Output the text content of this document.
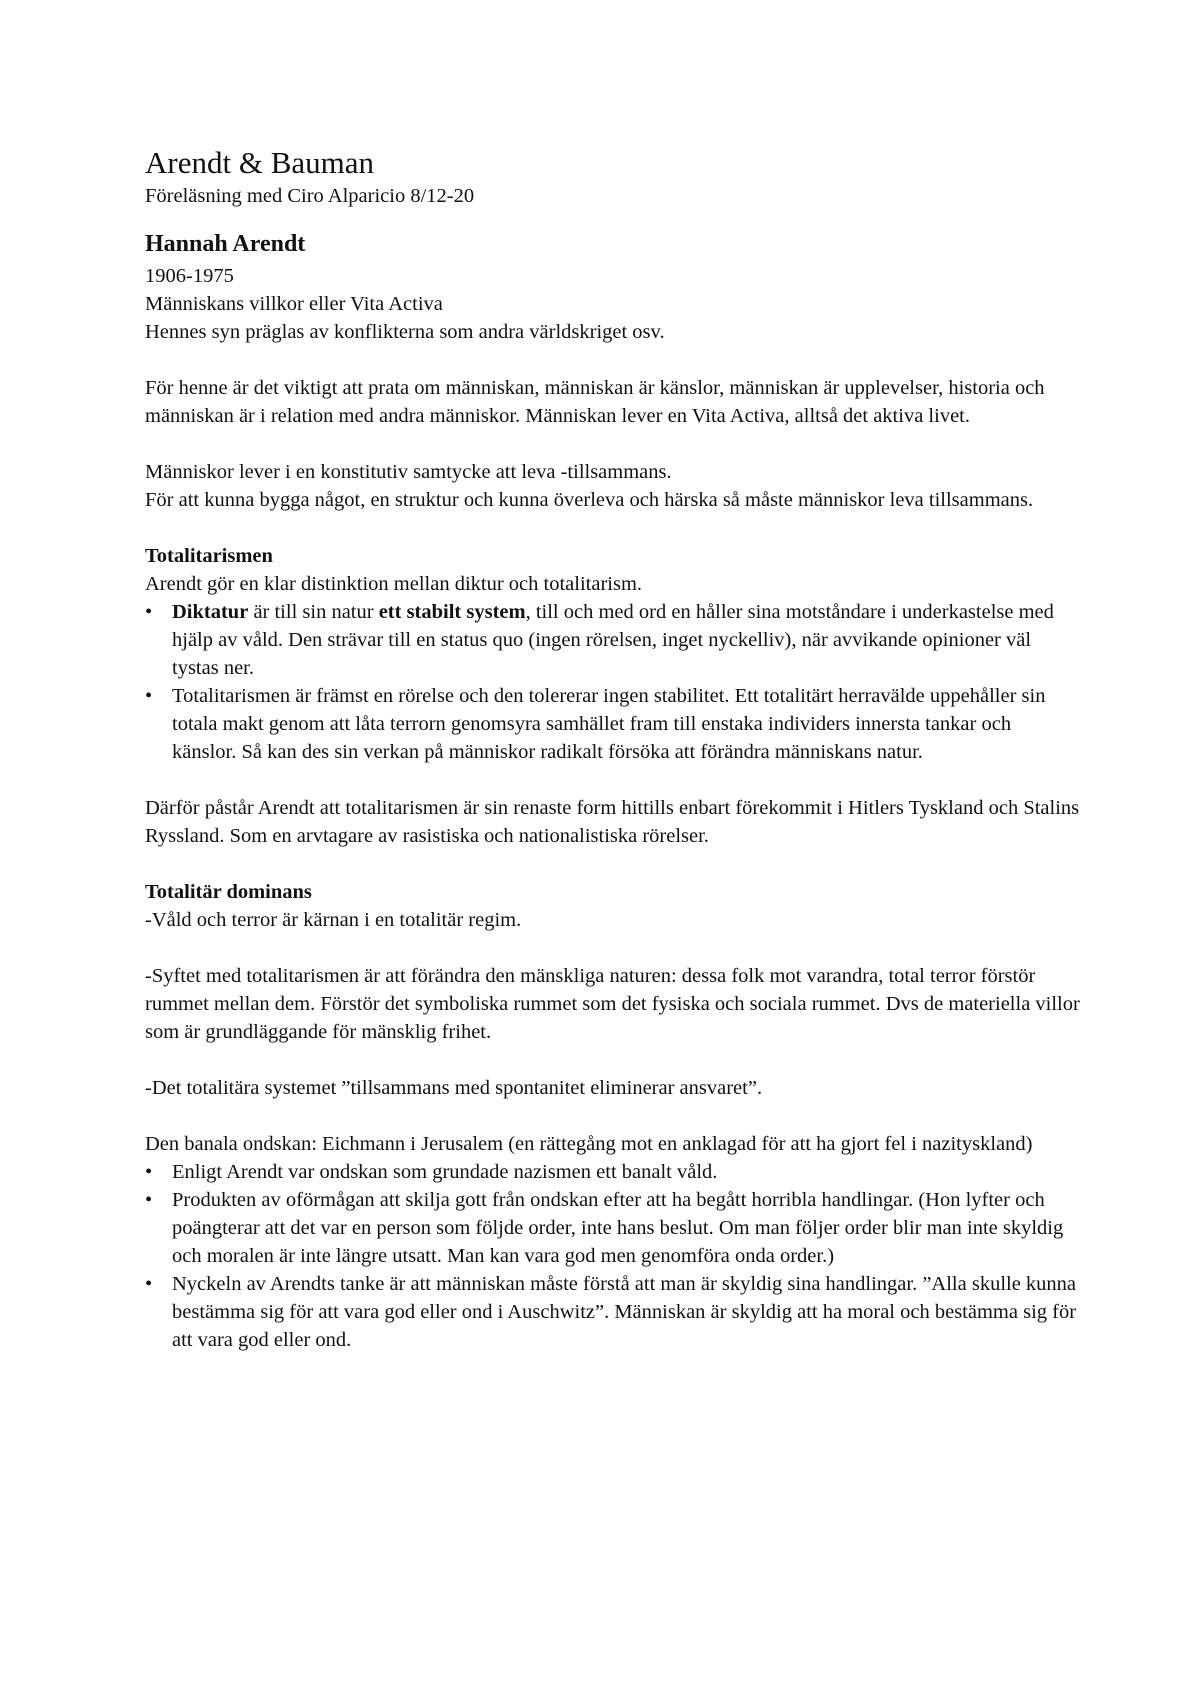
Arendt & Bauman

Föreläsning med Ciro Alparicio 8/12-20

Hannah Arendt

1906-1975

Människans villkor eller Vita Activa

Hennes syn präglas av konflikterna som andra världskriget osv.

För henne är det viktigt att prata om människan, människan är känslor, människan är upplevelser, historia och människan är i relation med andra människor. Människan lever en Vita Activa, alltså det aktiva livet.

Människor lever i en konstitutiv samtycke att leva -tillsammans.

För att kunna bygga något, en struktur och kunna överleva och härska så måste människor leva tillsammans.

Totalitarismen

Arendt gör en klar distinktion mellan diktur och totalitarism.

• Diktatur är till sin natur ett stabilt system, till och med ord en håller sina motståndare i underkastelse med hjälp av våld. Den strävar till en status quo (ingen rörelsen, inget nyckelliv), när avvikande opinioner väl tystas ner.
• Totalitarismen är främst en rörelse och den tolererar ingen stabilitet. Ett totalitärt herravälde uppehåller sin totala makt genom att låta terrorn genomsyra samhället fram till enstaka individers innersta tankar och känslor. Så kan des sin verkan på människor radikalt försöka att förändra människans natur.

Därför påstår Arendt att totalitarismen är sin renaste form hittills enbart förekommit i Hitlers Tyskland och Stalins Ryssland. Som en arvtagare av rasistiska och nationalistiska rörelser.

Totalitär dominans

-Våld och terror är kärnan i en totalitär regim.

-Syftet med totalitarismen är att förändra den mänskliga naturen: dessa folk mot varandra, total terror förstör rummet mellan dem. Förstör det symboliska rummet som det fysiska och sociala rummet. Dvs de materiella villor som är grundläggande för mänsklig frihet.

-Det totalitära systemet ”tillsammans med spontanitet eliminerar ansvaret”.

Den banala ondskan: Eichmann i Jerusalem (en rättegång mot en anklagad för att ha gjort fel i nazityskland)

• Enligt Arendt var ondskan som grundade nazismen ett banalt våld.
• Produkten av oförmågan att skilja gott från ondskan efter att ha begått horribla handlingar. (Hon lyfter och poängterar att det var en person som följde order, inte hans beslut. Om man följer order blir man inte skyldig och moralen är inte längre utsatt. Man kan vara god men genomföra onda order.)
• Nyckeln av Arendts tanke är att människan måste förstå att man är skyldig sina handlingar. ”Alla skulle kunna bestämma sig för att vara god eller ond i Auschwitz”. Människan är skyldig att ha moral och bestämma sig för att vara god eller ond.
